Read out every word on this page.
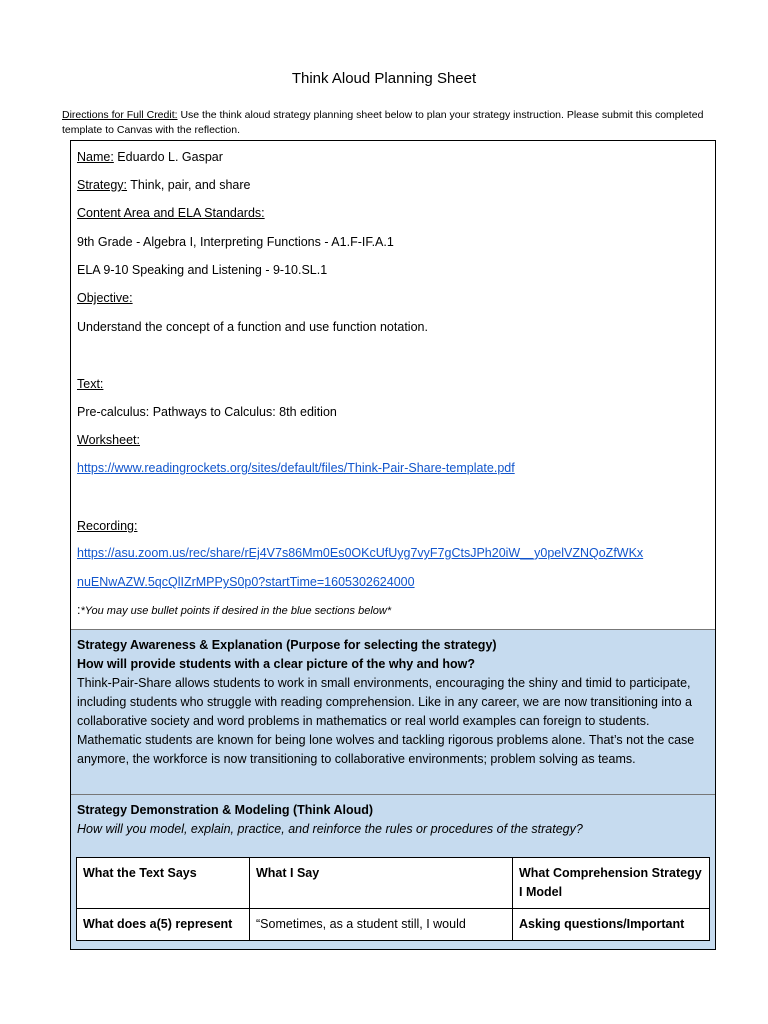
Think Aloud Planning Sheet
Directions for Full Credit: Use the think aloud strategy planning sheet below to plan your strategy instruction. Please submit this completed template to Canvas with the reflection.
Name: Eduardo L. Gaspar
Strategy: Think, pair, and share
Content Area and ELA Standards:
9th Grade - Algebra I, Interpreting Functions - A1.F-IF.A.1
ELA 9-10 Speaking and Listening - 9-10.SL.1
Objective:
Understand the concept of a function and use function notation.
Text:
Pre-calculus: Pathways to Calculus: 8th edition
Worksheet:
https://www.readingrockets.org/sites/default/files/Think-Pair-Share-template.pdf
Recording:
https://asu.zoom.us/rec/share/rEj4V7s86Mm0Es0OKcUfUyg7vyF7gCtsJPh20iW__y0pelVZNQoZfWKx
nuENwAZW.5qcQlIZrMPPyS0p0?startTime=1605302624000
:*You may use bullet points if desired in the blue sections below*
Strategy Awareness & Explanation (Purpose for selecting the strategy)
How will provide students with a clear picture of the why and how?
Think-Pair-Share allows students to work in small environments, encouraging the shiny and timid to participate, including students who struggle with reading comprehension. Like in any career, we are now transitioning into a collaborative society and word problems in mathematics or real world examples can foreign to students. Mathematic students are known for being lone wolves and tackling rigorous problems alone. That’s not the case anymore, the workforce is now transitioning to collaborative environments; problem solving as teams.
Strategy Demonstration & Modeling (Think Aloud)
How will you model, explain, practice, and reinforce the rules or procedures of the strategy?
What the Text Says	What I Say	What Comprehension Strategy I Model
What does a(5) represent	“Sometimes, as a student still, I would	Asking questions/Important
